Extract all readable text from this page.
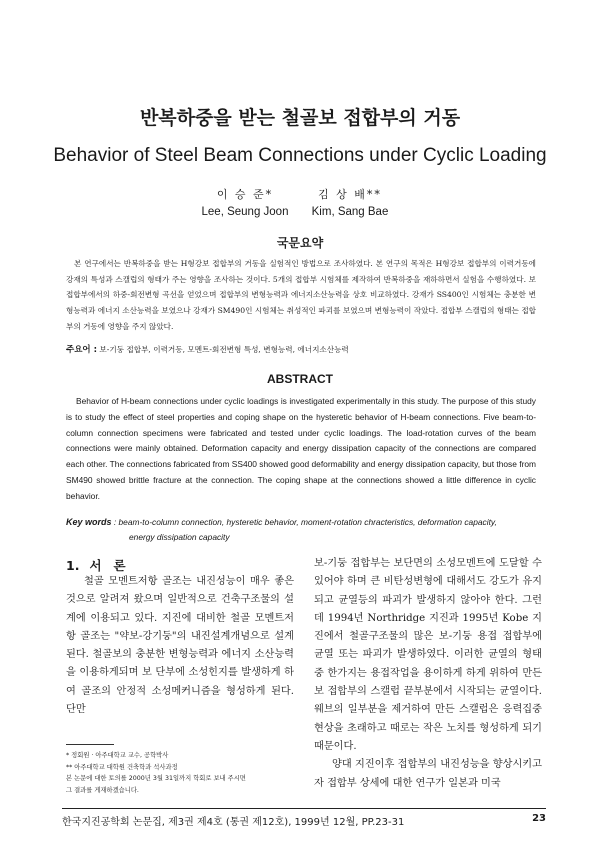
반복하중을 받는 철골보 접합부의 거동
Behavior of Steel Beam Connections under Cyclic Loading
이 승 준*
Lee, Seung Joon
김 상 배**
Kim, Sang Bae
국문요약

본 연구에서는 반복하중을 받는 H형강보 접합부의 거동을 실험적인 방법으로 조사하였다. 본 연구의 목적은 H형강보 접합부의 이력거동에 강재의 특성과 스캘럽의 형태가 주는 영향을 조사하는 것이다. 5개의 접합부 시험체를 제작하여 반복하중을 재하하면서 실험을 수행하였다. 보 접합부에서의 하중-회전변형 곡선을 얻었으며 접합부의 변형능력과 에너지소산능력을 상호 비교하였다. 강재가 SS400인 시험체는 충분한 변형능력과 에너지 소산능력을 보였으나 강재가 SM490인 시험체는 취성적인 파괴를 보였으며 변형능력이 작았다. 접합부 스캘럽의 형태는 접합부의 거동에 영향을 주지 않았다.

주요어 : 보-기둥 접합부, 이력거동, 모멘트-회전변형 특성, 변형능력, 에너지소산능력
ABSTRACT

Behavior of H-beam connections under cyclic loadings is investigated experimentally in this study. The purpose of this study is to study the effect of steel properties and coping shape on the hysteretic behavior of H-beam connections. Five beam-to-column connection specimens were fabricated and tested under cyclic loadings. The load-rotation curves of the beam connections were mainly obtained. Deformation capacity and energy dissipation capacity of the connections are compared each other. The connections fabricated from SS400 showed good deformability and energy dissipation capacity, but those from SM490 showed brittle fracture at the connection. The coping shape at the connections showed a little difference in cyclic behavior.

Key words : beam-to-column connection, hysteretic behavior, moment-rotation chracteristics, deformation capacity,
energy dissipation capacity
1. 서론

철골 모멘트저항 골조는 내진성능이 매우 좋은 것으로 알려져 왔으며 일반적으로 건축구조물의 설계에 이용되고 있다. 지진에 대비한 철골 모멘트저항 골조는 "약보-강기둥"의 내진설계개념으로 설계된다. 철골보의 충분한 변형능력과 에너지 소산능력을 이용하게되며 보 단부에 소성힌지를 발생하게 하여 골조의 안정적 소성메커니즘을 형성하게 된다. 단만

보-기둥 접합부는 보단면의 소성모멘트에 도달할 수 있어야 하며 큰 비탄성변형에 대해서도 강도가 유지되고 균열등의 파괴가 발생하지 않아야 한다. 그런데 1994년 Northridge 지진과 1995년 Kobe 지진에서 철골구조물의 많은 보-기둥 용접 접합부에 균열 또는 파괴가 발생하였다. 이러한 균열의 형태중 한가지는 용접작업을 용이하게 하게 위하여 만든 보 접합부의 스캘럽 끝부분에서 시작되는 균열이다. 웨브의 일부분을 제거하여 만든 스캘럽은 응력집중 현상을 초래하고 때로는 작은 노치를 형성하게 되기 때문이다.

양대 지진이후 접합부의 내진성능을 향상시키고자 접합부 상세에 대한 연구가 일본과 미국

* 정회원 · 아주대학교 교수, 공학박사
** 아주대학교 대학원 건축학과 석사과정
본 논문에 대한 토의를 2000년 3월 31일까지 학회로 보내 주시면
그 결과를 게재하겠습니다.
한국지진공학회 논문집, 제3권 제4호 (통권 제12호), 1999년 12월, PP.23-31	23
